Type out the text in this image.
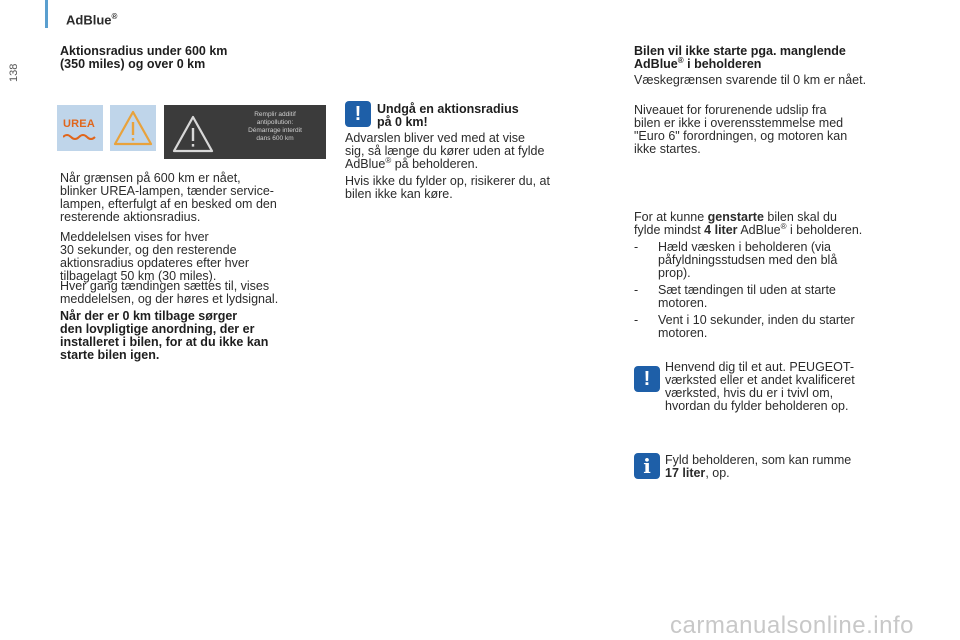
138
AdBlue®
Aktionsradius under 600 km
(350 miles) og over 0 km
UREA
Remplir additif
antipollution:
Démarrage interdit
dans 600 km
Når grænsen på 600 km er nået,
blinker UREA-lampen, tænder service-
lampen, efterfulgt af en besked om den
resterende aktionsradius.
Meddelelsen vises for hver
30 sekunder, og den resterende
aktionsradius opdateres efter hver
tilbagelagt 50 km (30 miles).
Hver gang tændingen sættes til, vises
meddelelsen, og der høres et lydsignal.
Når der er 0 km tilbage sørger
den lovpligtige anordning, der er
installeret i bilen, for at du ikke kan
starte bilen igen.
!	Undgå en aktionsradius
på 0 km!
Advarslen bliver ved med at vise
sig, så længe du kører uden at fylde
AdBlue® på beholderen.
Hvis ikke du fylder op, risikerer du, at
bilen ikke kan køre.
Bilen vil ikke starte pga. manglende
AdBlue® i beholderen
Væskegrænsen svarende til 0 km er nået.
Niveauet for forurenende udslip fra
bilen er ikke i overensstemmelse med
"Euro 6" forordningen, og motoren kan
ikke startes.
For at kunne genstarte bilen skal du
fylde mindst 4 liter AdBlue® i beholderen.
- Hæld væsken i beholderen (via
påfyldningsstudsen med den blå
prop).
- Sæt tændingen til uden at starte
motoren.
- Vent i 10 sekunder, inden du starter
motoren.
!
Henvend dig til et aut. PEUGEOT-
værksted eller et andet kvalificeret
værksted, hvis du er i tvivl om,
hvordan du fylder beholderen op.
i	Fyld beholderen, som kan rumme
17 liter, op.
carmanualsonline.info
